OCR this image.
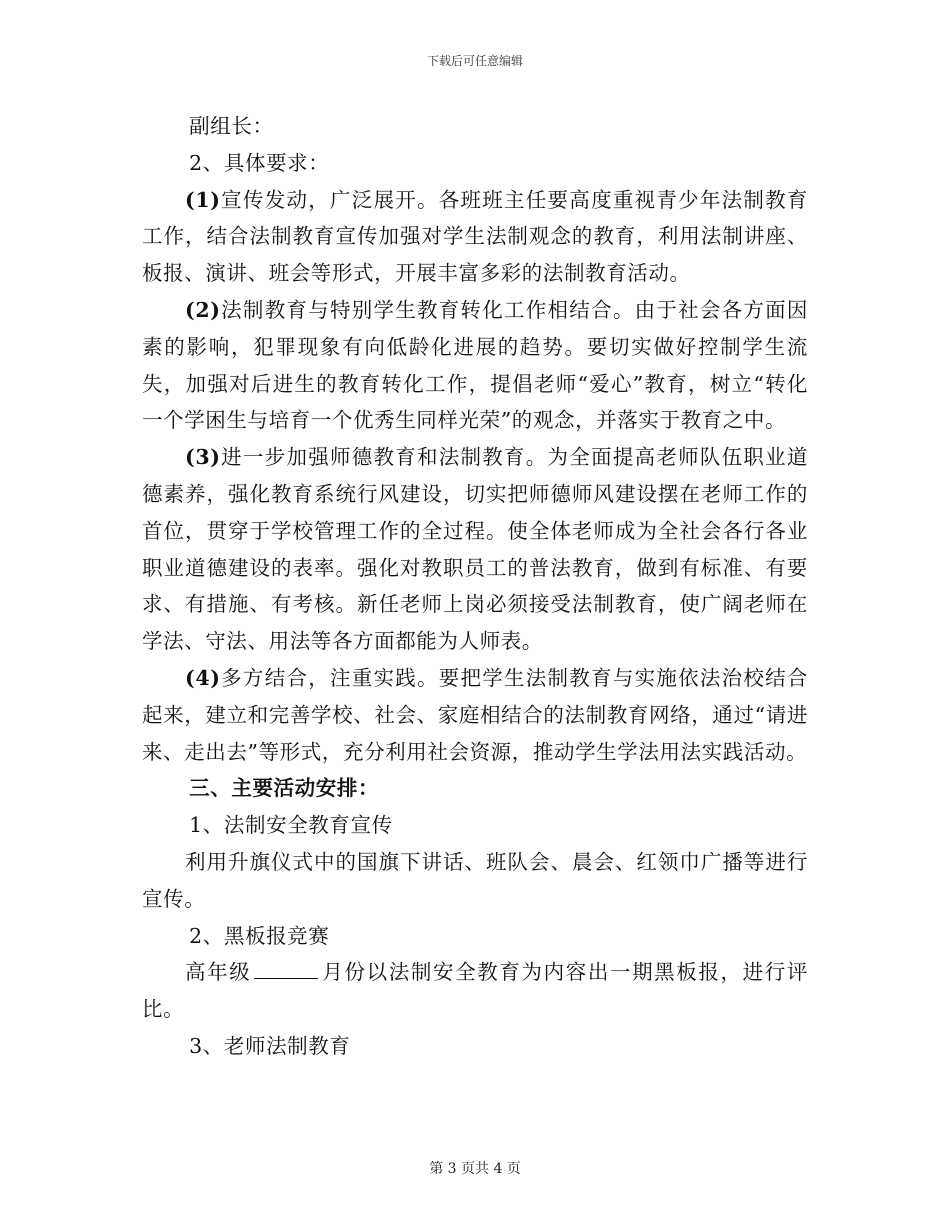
下载后可任意编辑

副组长：

2、具体要求：

(1)宣传发动，广泛展开。各班班主任要高度重视青少年法制教育工作，结合法制教育宣传加强对学生法制观念的教育，利用法制讲座、板报、演讲、班会等形式，开展丰富多彩的法制教育活动。

(2)法制教育与特别学生教育转化工作相结合。由于社会各方面因素的影响，犯罪现象有向低龄化进展的趋势。要切实做好控制学生流失，加强对后进生的教育转化工作，提倡老师“爱心”教育，树立“转化一个学困生与培育一个优秀生同样光荣”的观念，并落实于教育之中。

(3)进一步加强师德教育和法制教育。为全面提高老师队伍职业道德素养，强化教育系统行风建设，切实把师德师风建设摆在老师工作的首位，贯穿于学校管理工作的全过程。使全体老师成为全社会各行各业职业道德建设的表率。强化对教职员工的普法教育，做到有标准、有要求、有措施、有考核。新任老师上岗必须接受法制教育，使广阔老师在学法、守法、用法等各方面都能为人师表。

(4)多方结合，注重实践。要把学生法制教育与实施依法治校结合起来，建立和完善学校、社会、家庭相结合的法制教育网络，通过“请进来、走出去”等形式，充分利用社会资源，推动学生学法用法实践活动。

三、主要活动安排：

1、法制安全教育宣传

利用升旗仪式中的国旗下讲话、班队会、晨会、红领巾广播等进行宣传。

2、黑板报竞赛

高年级	月份以法制安全教育为内容出一期黑板报，进行评比。

3、老师法制教育

第 3 页共 4 页
